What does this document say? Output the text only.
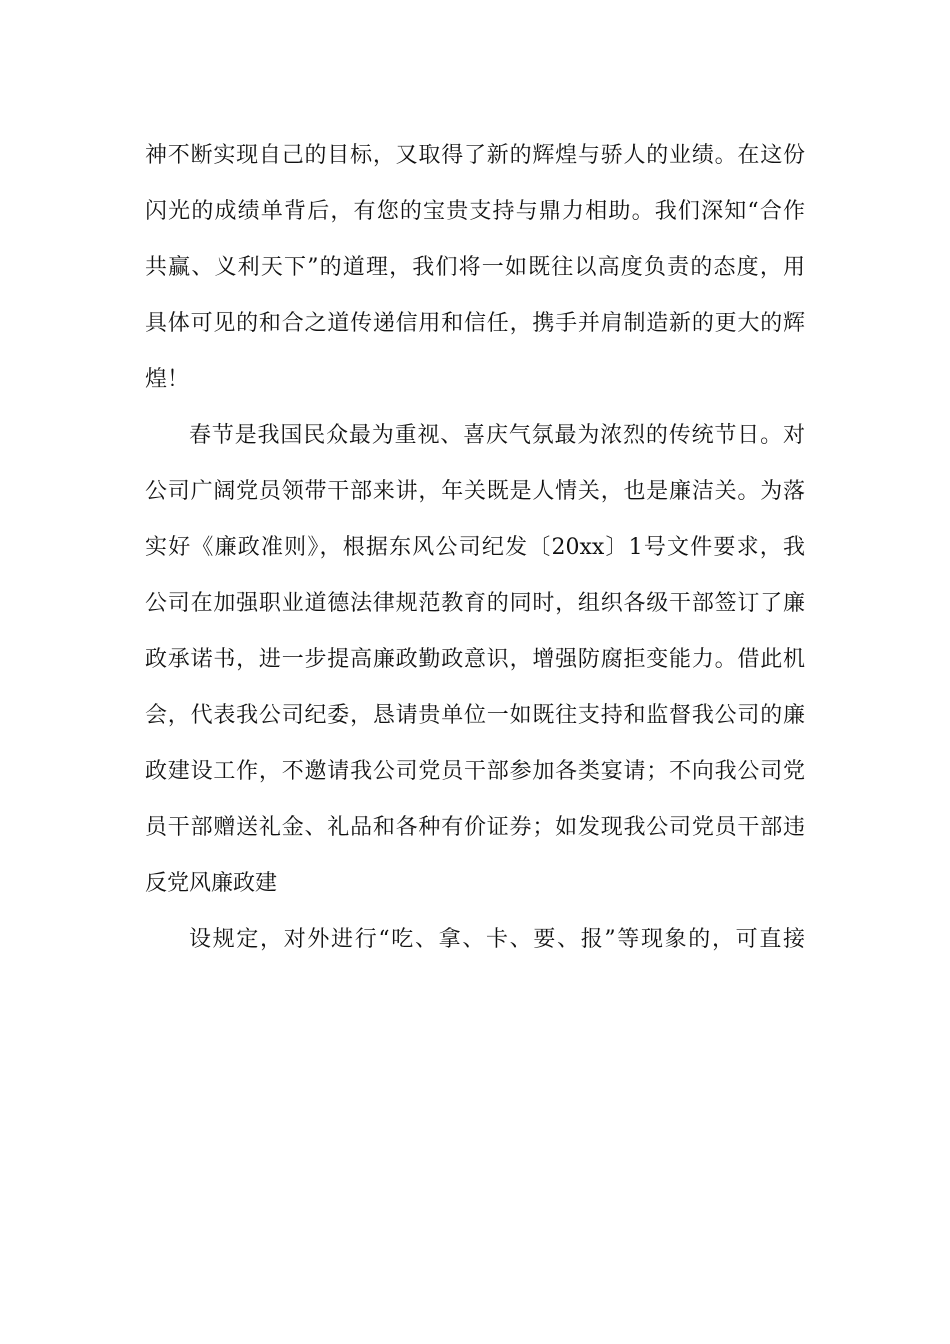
神不断实现自己的目标，又取得了新的辉煌与骄人的业绩。在这份
闪光的成绩单背后，有您的宝贵支持与鼎力相助。我们深知“合作
共赢、义利天下”的道理，我们将一如既往以高度负责的态度，用
具体可见的和合之道传递信用和信任，携手并肩制造新的更大的辉
煌！
春节是我国民众最为重视、喜庆气氛最为浓烈的传统节日。对
公司广阔党员领带干部来讲，年关既是人情关，也是廉洁关。为落
实好《廉政准则》，根据东风公司纪发〔20xx〕1号文件要求，我
公司在加强职业道德法律规范教育的同时，组织各级干部签订了廉
政承诺书，进一步提高廉政勤政意识，增强防腐拒变能力。借此机
会，代表我公司纪委，恳请贵单位一如既往支持和监督我公司的廉
政建设工作，不邀请我公司党员干部参加各类宴请；不向我公司党
员干部赠送礼金、礼品和各种有价证券；如发现我公司党员干部违
反党风廉政建
设规定，对外进行“吃、拿、卡、要、报”等现象的，可直接
